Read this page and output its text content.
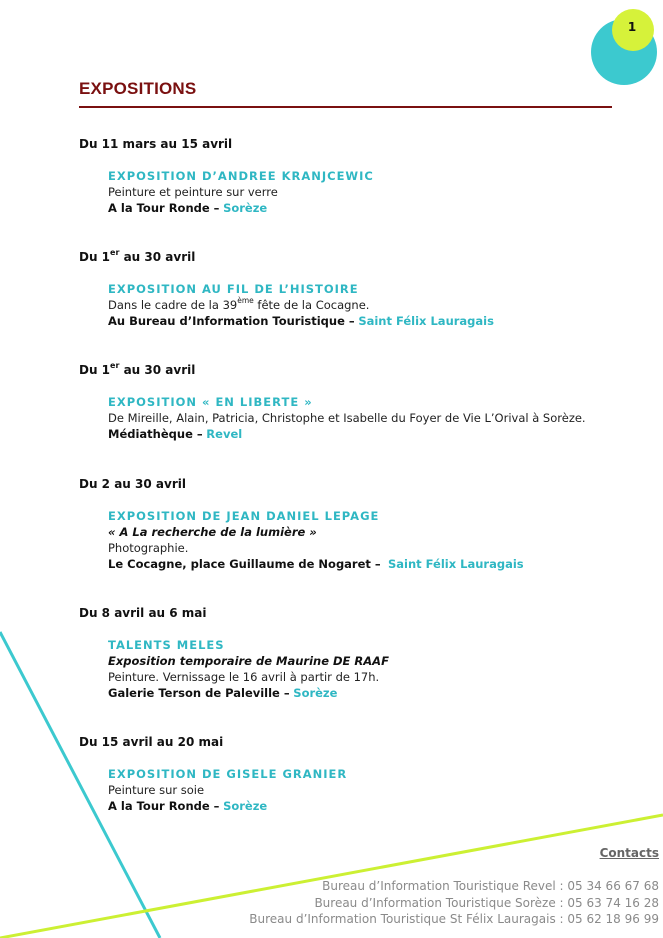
1
EXPOSITIONS
Du 11 mars au 15 avril
EXPOSITION D’ANDREE KRANJCEWIC
Peinture et peinture sur verre
A la Tour Ronde – Sorèze
Du 1er au 30 avril
EXPOSITION AU FIL DE L’HISTOIRE
Dans le cadre de la 39ème fête de la Cocagne.
Au Bureau d’Information Touristique – Saint Félix Lauragais
Du 1er au 30 avril
EXPOSITION « EN LIBERTE »
De Mireille, Alain, Patricia, Christophe et Isabelle du Foyer de Vie L’Orival à Sorèze.
Médiathèque – Revel
Du 2 au 30 avril
EXPOSITION DE JEAN DANIEL LEPAGE
« A La recherche de la lumière »
Photographie.
Le Cocagne, place Guillaume de Nogaret – Saint Félix Lauragais
Du 8 avril au 6 mai
TALENTS MELES
Exposition temporaire de Maurine DE RAAF
Peinture. Vernissage le 16 avril à partir de 17h.
Galerie Terson de Paleville – Sorèze
Du 15 avril au 20 mai
EXPOSITION DE GISELE GRANIER
Peinture sur soie
A la Tour Ronde – Sorèze
Contacts
Bureau d’Information Touristique Revel : 05 34 66 67 68
Bureau d’Information Touristique Sorèze : 05 63 74 16 28
Bureau d’Information Touristique St Félix Lauragais : 05 62 18 96 99
